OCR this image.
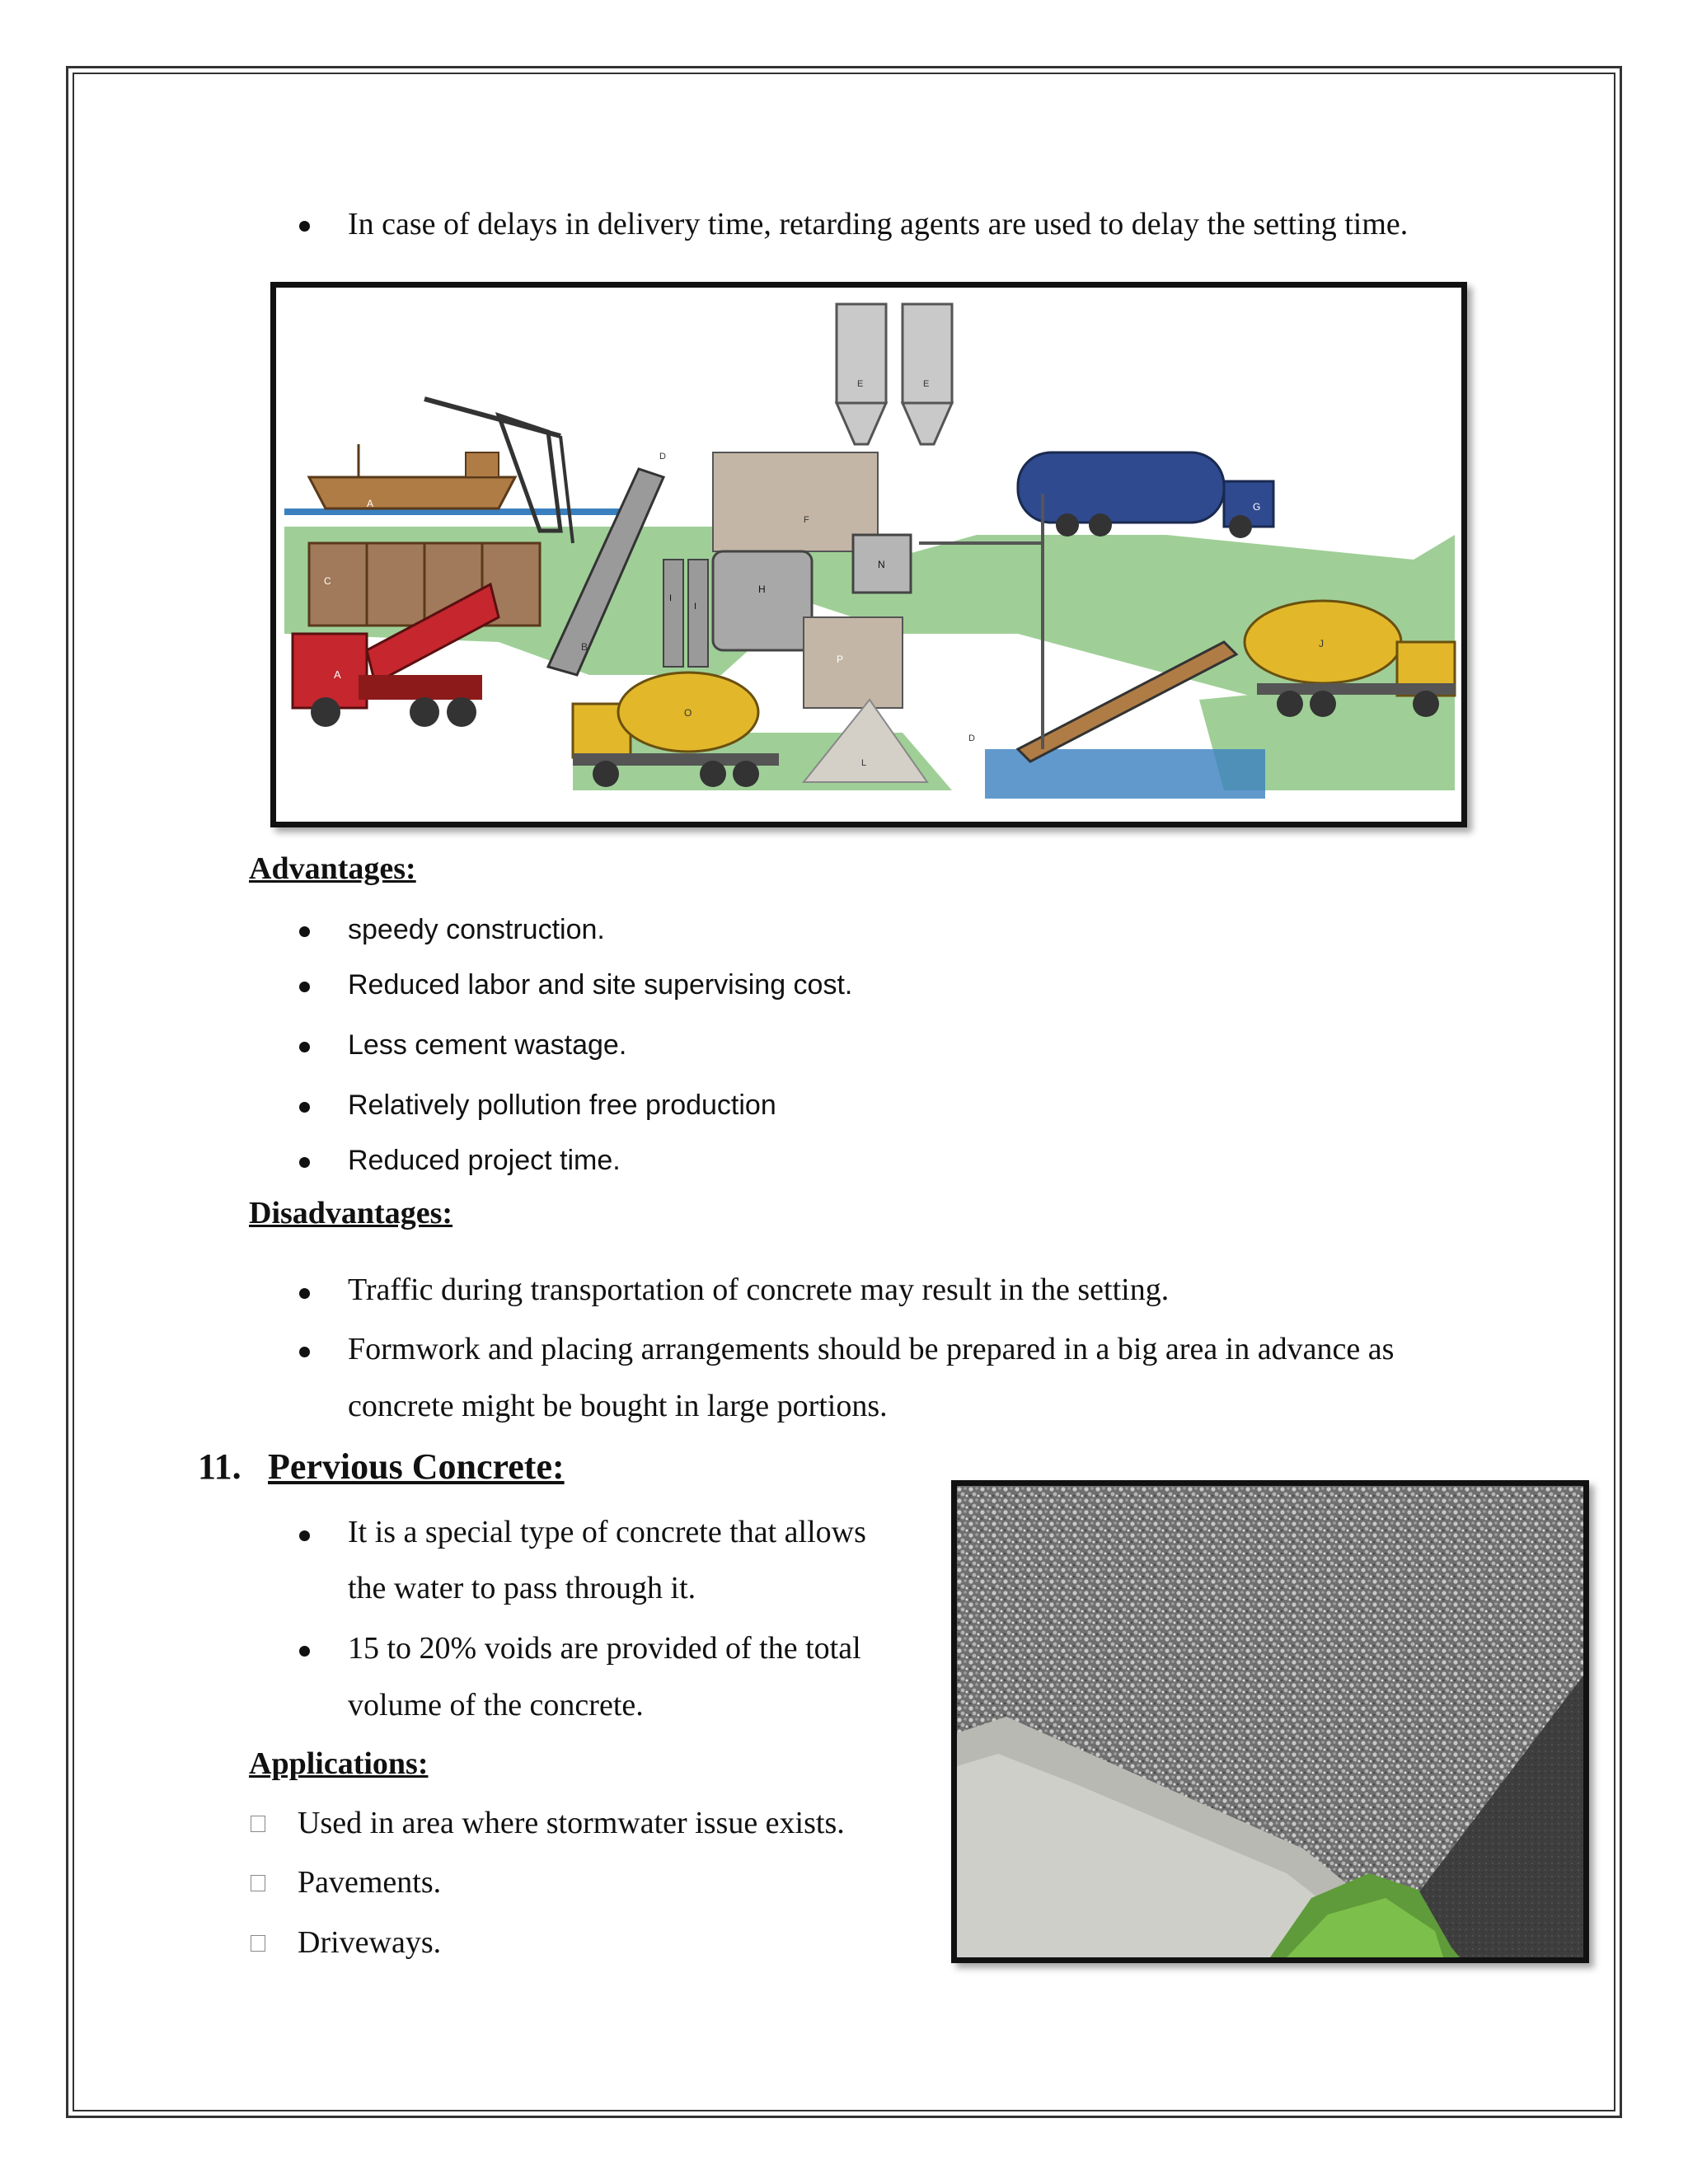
In case of delays in delivery time, retarding agents are used to delay the setting time.
A
A
B
C
D
D
E	E
F
G
H
I
I
J
L
N
O
P
Advantages:
speedy construction.
Reduced labor and site supervising cost.
Less cement wastage.
Relatively pollution free production
Reduced project time.
Disadvantages:
Traffic during transportation of concrete may result in the setting.
Formwork and placing arrangements should be prepared in a big area in advance as
concrete might be bought in large portions.
11. Pervious Concrete:
It is a special type of concrete that allows
the water to pass through it.
15 to 20% voids are provided of the total
volume of the concrete.
Applications:
Used in area where stormwater issue exists.
Pavements.
Driveways.
